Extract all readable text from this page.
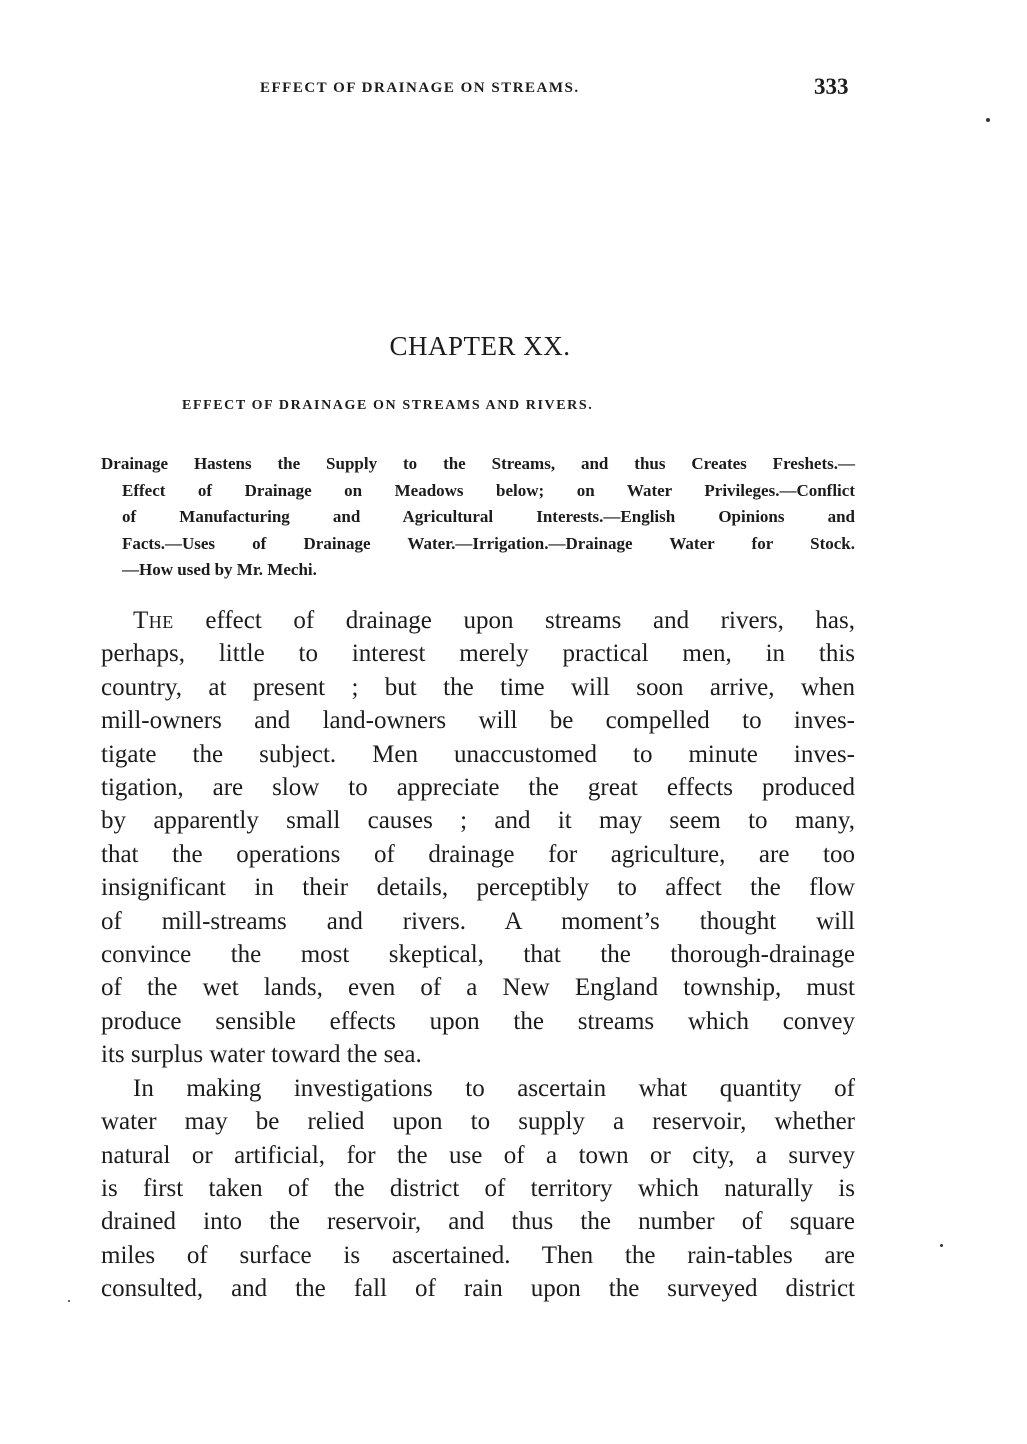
EFFECT OF DRAINAGE ON STREAMS.	333
CHAPTER XX.
EFFECT OF DRAINAGE ON STREAMS AND RIVERS.
Drainage Hastens the Supply to the Streams, and thus Creates Freshets.—
Effect of Drainage on Meadows below; on Water Privileges.—Conflict
of Manufacturing and Agricultural Interests.—English Opinions and
Facts.—Uses of Drainage Water.—Irrigation.—Drainage Water for Stock.
—How used by Mr. Mechi.
The effect of drainage upon streams and rivers, has,
perhaps, little to interest merely practical men, in this
country, at present ; but the time will soon arrive, when
mill-owners and land-owners will be compelled to inves-
tigate the subject. Men unaccustomed to minute inves-
tigation, are slow to appreciate the great effects produced
by apparently small causes ; and it may seem to many,
that the operations of drainage for agriculture, are too
insignificant in their details, perceptibly to affect the flow
of mill-streams and rivers. A moment’s thought will
convince the most skeptical, that the thorough-drainage
of the wet lands, even of a New England township, must
produce sensible effects upon the streams which convey
its surplus water toward the sea.
In making investigations to ascertain what quantity of
water may be relied upon to supply a reservoir, whether
natural or artificial, for the use of a town or city, a survey
is first taken of the district of territory which naturally is
drained into the reservoir, and thus the number of square
miles of surface is ascertained. Then the rain-tables are
consulted, and the fall of rain upon the surveyed district
